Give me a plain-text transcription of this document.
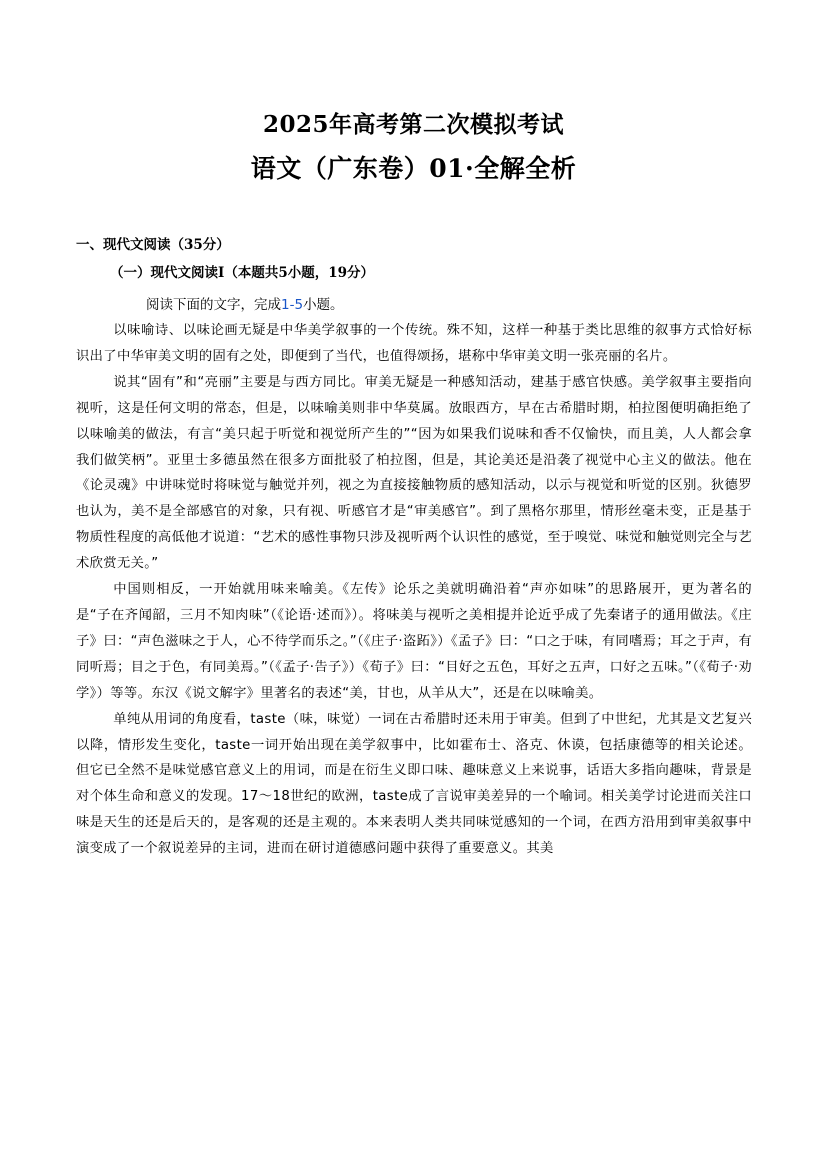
2025年高考第二次模拟考试
语文（广东卷）01·全解全析
一、现代文阅读（35分）
（一）现代文阅读Ⅰ（本题共5小题，19分）
阅读下面的文字，完成1-5小题。

以味喻诗、以味论画无疑是中华美学叙事的一个传统。殊不知，这样一种基于类比思维的叙事方式恰好标识出了中华审美文明的固有之处，即便到了当代，也值得颂扬，堪称中华审美文明一张亮丽的名片。

说其“固有”和“亮丽”主要是与西方同比。审美无疑是一种感知活动，建基于感官快感。美学叙事主要指向视听，这是任何文明的常态，但是，以味喻美则非中华莫属。放眼西方，早在古希腊时期，柏拉图便明确拒绝了以味喻美的做法，有言“美只起于听觉和视觉所产生的”“因为如果我们说味和香不仅愉快，而且美，人人都会拿我们做笑柄”。亚里士多德虽然在很多方面批驳了柏拉图，但是，其论美还是沿袭了视觉中心主义的做法。他在《论灵魂》中讲味觉时将味觉与触觉并列，视之为直接接触物质的感知活动，以示与视觉和听觉的区别。狄德罗也认为，美不是全部感官的对象，只有视、听感官才是“审美感官”。到了黑格尔那里，情形丝毫未变，正是基于物质性程度的高低他才说道：“艺术的感性事物只涉及视听两个认识性的感觉，至于嗅觉、味觉和触觉则完全与艺术欣赏无关。”

中国则相反，一开始就用味来喻美。《左传》论乐之美就明确沿着“声亦如味”的思路展开，更为著名的是“子在齐闻韶，三月不知肉味”（《论语·述而》）。将味美与视听之美相提并论近乎成了先秦诸子的通用做法。《庄子》曰：“声色滋味之于人，心不待学而乐之。”（《庄子·盗跖》）《孟子》曰：“口之于味，有同嗜焉；耳之于声，有同听焉；目之于色，有同美焉。”（《孟子·告子》）《荀子》曰：“目好之五色，耳好之五声，口好之五味。”（《荀子·劝学》）等等。东汉《说文解字》里著名的表述“美，甘也，从羊从大”，还是在以味喻美。

单纯从用词的角度看，taste（味，味觉）一词在古希腊时还未用于审美。但到了中世纪，尤其是文艺复兴以降，情形发生变化，taste一词开始出现在美学叙事中，比如霍布士、洛克、休谟，包括康德等的相关论述。但它已全然不是味觉感官意义上的用词，而是在衍生义即口味、趣味意义上来说事，话语大多指向趣味，背景是对个体生命和意义的发现。17～18世纪的欧洲，taste成了言说审美差异的一个喻词。相关美学讨论进而关注口味是天生的还是后天的，是客观的还是主观的。本来表明人类共同味觉感知的一个词，在西方沿用到审美叙事中演变成了一个叙说差异的主词，进而在研讨道德感问题中获得了重要意义。其美
